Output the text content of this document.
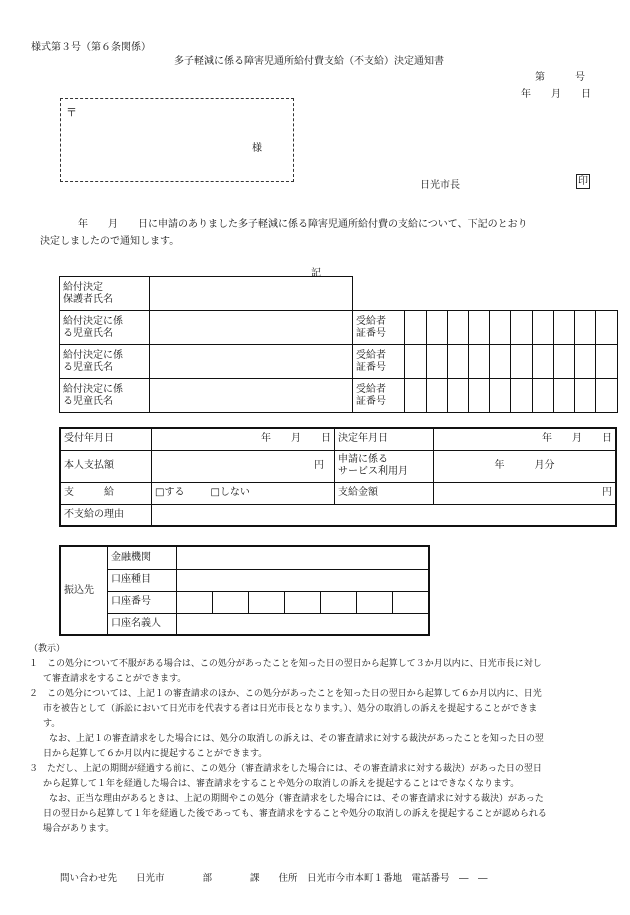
様式第３号（第６条関係）
多子軽減に係る障害児通所給付費支給（不支給）決定通知書
第　　　号
年　　月　　日
〒
様
日光市長	印
年　　月　　日に申請のありました多子軽減に係る障害児通所給付費の支給について、下記のとおり
決定しましたので通知します。
記
給付決定
保護者氏名												
給付決定に係
る児童氏名		受給者
証番号										
給付決定に係
る児童氏名		受給者
証番号										
給付決定に係
る児童氏名		受給者
証番号										
受付年月日	年　　月　　日	決定年月日	年　　月　　日
本人支払額	円	申請に係る
サービス利用月	年　　　月分
支　　　給	□する □しない	支給金額	円
不支給の理由			
振込先	金融機関							
	口座種目							
	口座番号							
	口座名義人							

（教示）

１　この処分について不服がある場合は、この処分があったことを知った日の翌日から起算して３か月以内に、日光市長に対し

て審査請求をすることができます。

２　この処分については、上記１の審査請求のほか、この処分があったことを知った日の翌日から起算して６か月以内に、日光

市を被告として（訴訟において日光市を代表する者は日光市長となります。）、処分の取消しの訴えを提起することができま

す。

なお、上記１の審査請求をした場合には、処分の取消しの訴えは、その審査請求に対する裁決があったことを知った日の翌

日から起算して６か月以内に提起することができます。

３　ただし、上記の期間が経過する前に、この処分（審査請求をした場合には、その審査請求に対する裁決）があった日の翌日

から起算して１年を経過した場合は、審査請求をすることや処分の取消しの訴えを提起することはできなくなります。

なお、正当な理由があるときは、上記の期間やこの処分（審査請求をした場合には、その審査請求に対する裁決）があった

日の翌日から起算して１年を経過した後であっても、審査請求をすることや処分の取消しの訴えを提起することが認められる

場合があります。

問い合わせ先　　日光市　　　　部　　　　課　　住所　日光市今市本町１番地　電話番号　―　―
